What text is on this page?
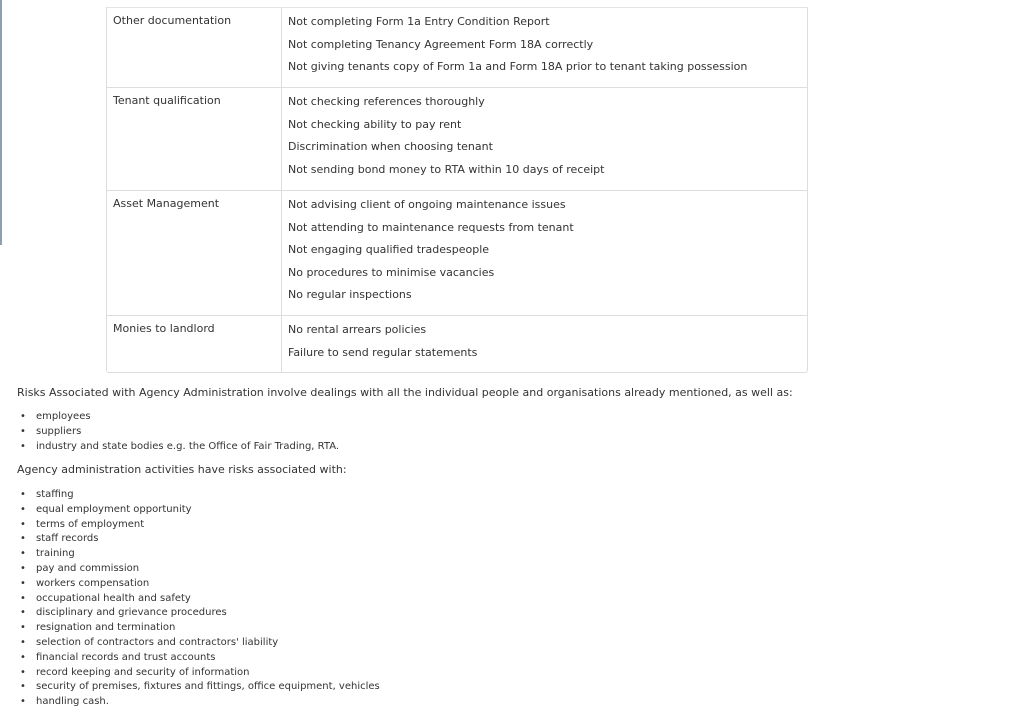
Other documentation	Not completing Form 1a Entry Condition Report
Not completing Tenancy Agreement Form 18A correctly
Not giving tenants copy of Form 1a and Form 18A prior to tenant taking possession
Tenant qualification	Not checking references thoroughly
Not checking ability to pay rent
Discrimination when choosing tenant
Not sending bond money to RTA within 10 days of receipt
Asset Management	Not advising client of ongoing maintenance issues
Not attending to maintenance requests from tenant
Not engaging qualified tradespeople
No procedures to minimise vacancies
No regular inspections
Monies to landlord	No rental arrears policies
Failure to send regular statements
Risks Associated with Agency Administration involve dealings with all the individual people and organisations already mentioned, as well as:
• employees
• suppliers
• industry and state bodies e.g. the Office of Fair Trading, RTA.
Agency administration activities have risks associated with:
• staffing
• equal employment opportunity
• terms of employment
• staff records
• training
• pay and commission
• workers compensation
• occupational health and safety
• disciplinary and grievance procedures
• resignation and termination
• selection of contractors and contractors' liability
• financial records and trust accounts
• record keeping and security of information
• security of premises, fixtures and fittings, office equipment, vehicles
• handling cash.
